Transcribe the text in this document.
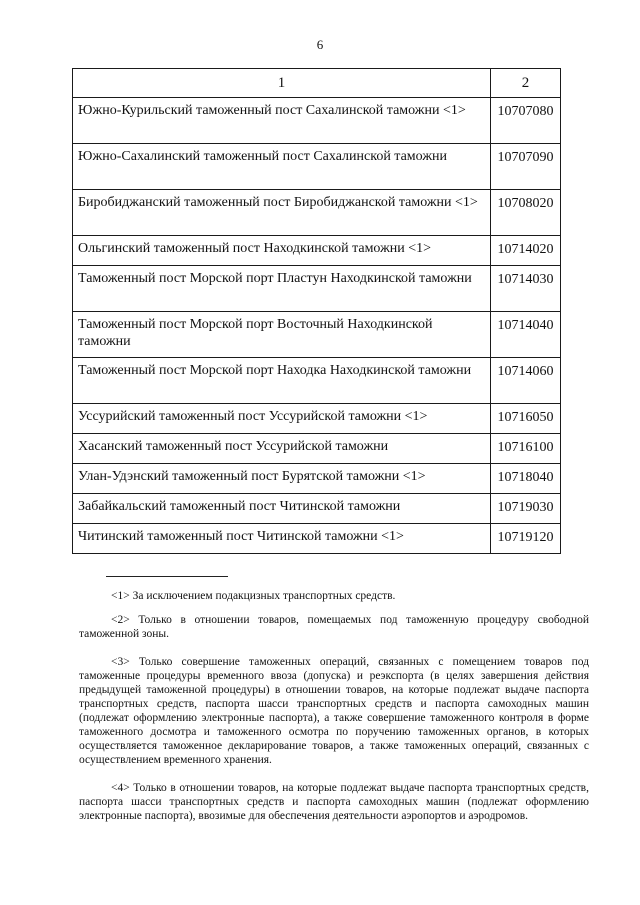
6
1	2
Южно-Курильский таможенный пост Сахалинской таможни <1>	10707080
Южно-Сахалинский таможенный пост Сахалинской таможни	10707090
Биробиджанский таможенный пост Биробиджанской таможни <1>	10708020
Ольгинский таможенный пост Находкинской таможни <1>	10714020
Таможенный пост Морской порт Пластун Находкинской таможни	10714030
Таможенный пост Морской порт Восточный Находкинской таможни	10714040
Таможенный пост Морской порт Находка Находкинской таможни	10714060
Уссурийский таможенный пост Уссурийской таможни <1>	10716050
Хасанский таможенный пост Уссурийской таможни	10716100
Улан-Удэнский таможенный пост Бурятской таможни <1>	10718040
Забайкальский таможенный пост Читинской таможни	10719030
Читинский таможенный пост Читинской таможни <1>	10719120

<1> За исключением подакцизных транспортных средств.

<2> Только в отношении товаров, помещаемых под таможенную процедуру свободной таможенной зоны.

<3> Только совершение таможенных операций, связанных с помещением товаров под таможенные процедуры временного ввоза (допуска) и реэкспорта (в целях завершения действия предыдущей таможенной процедуры) в отношении товаров, на которые подлежат выдаче паспорта транспортных средств, паспорта шасси транспортных средств и паспорта самоходных машин (подлежат оформлению электронные паспорта), а также совершение таможенного контроля в форме таможенного досмотра и таможенного осмотра по поручению таможенных органов, в которых осуществляется таможенное декларирование товаров, а также таможенных операций, связанных с осуществлением временного хранения.

<4> Только в отношении товаров, на которые подлежат выдаче паспорта транспортных средств, паспорта шасси транспортных средств и паспорта самоходных машин (подлежат оформлению электронные паспорта), ввозимые для обеспечения деятельности аэропортов и аэродромов.
